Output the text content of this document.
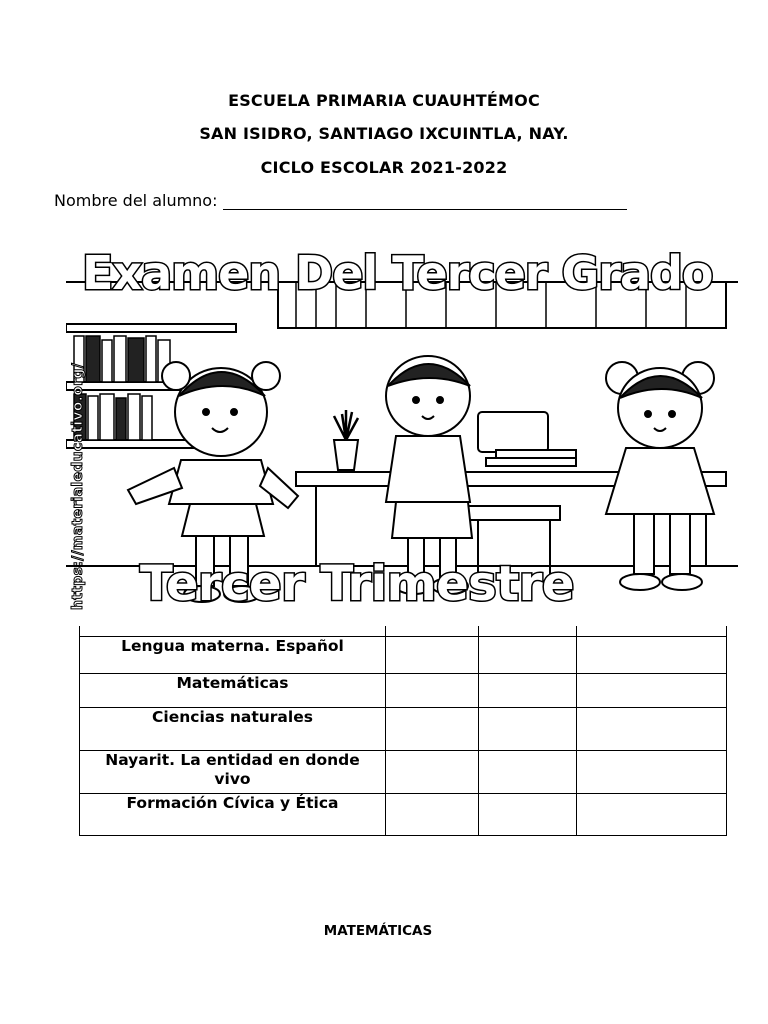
ESCUELA PRIMARIA CUAUHTÉMOC
SAN ISIDRO, SANTIAGO IXCUINTLA, NAY.
CICLO ESCOLAR 2021-2022
Nombre del alumno:
Examen Del Tercer Grado
Tercer Trimestre
https://materialeducativo.org/

Lengua materna. Español			
Matemáticas			
Ciencias naturales			
Nayarit. La entidad en donde vivo			
Formación Cívica y Ética			
MATEMÁTICAS
